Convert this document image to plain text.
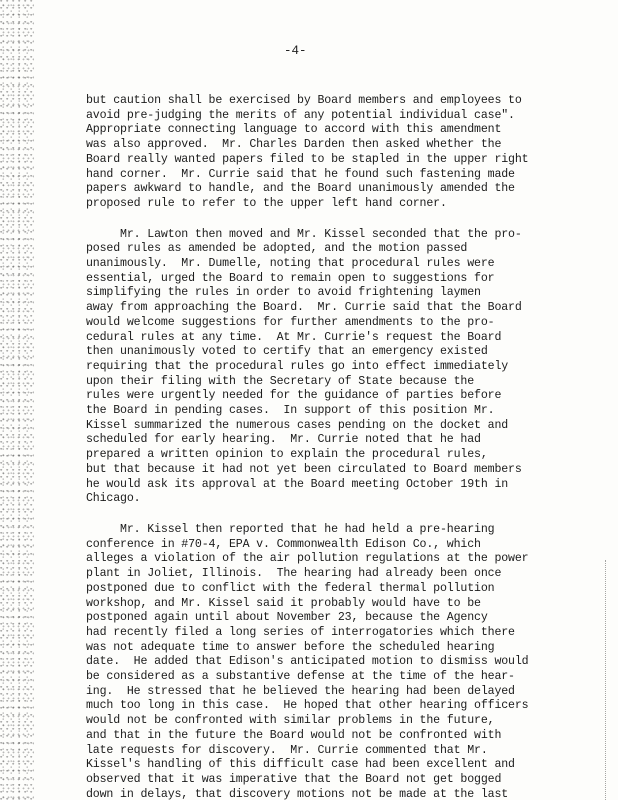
-4-
but caution shall be exercised by Board members and employees to
avoid pre-judging the merits of any potential individual case".
Appropriate connecting language to accord with this amendment
was also approved.  Mr. Charles Darden then asked whether the
Board really wanted papers filed to be stapled in the upper right
hand corner.  Mr. Currie said that he found such fastening made
papers awkward to handle, and the Board unanimously amended the
proposed rule to refer to the upper left hand corner.
Mr. Lawton then moved and Mr. Kissel seconded that the pro-
posed rules as amended be adopted, and the motion passed
unanimously.  Mr. Dumelle, noting that procedural rules were
essential, urged the Board to remain open to suggestions for
simplifying the rules in order to avoid frightening laymen
away from approaching the Board.  Mr. Currie said that the Board
would welcome suggestions for further amendments to the pro-
cedural rules at any time.  At Mr. Currie's request the Board
then unanimously voted to certify that an emergency existed
requiring that the procedural rules go into effect immediately
upon their filing with the Secretary of State because the
rules were urgently needed for the guidance of parties before
the Board in pending cases.  In support of this position Mr.
Kissel summarized the numerous cases pending on the docket and
scheduled for early hearing.  Mr. Currie noted that he had
prepared a written opinion to explain the procedural rules,
but that because it had not yet been circulated to Board members
he would ask its approval at the Board meeting October 19th in
Chicago.
Mr. Kissel then reported that he had held a pre-hearing
conference in #70-4, EPA v. Commonwealth Edison Co., which
alleges a violation of the air pollution regulations at the power
plant in Joliet, Illinois.  The hearing had already been once
postponed due to conflict with the federal thermal pollution
workshop, and Mr. Kissel said it probably would have to be
postponed again until about November 23, because the Agency
had recently filed a long series of interrogatories which there
was not adequate time to answer before the scheduled hearing
date.  He added that Edison's anticipated motion to dismiss would
be considered as a substantive defense at the time of the hear-
ing.  He stressed that he believed the hearing had been delayed
much too long in this case.  He hoped that other hearing officers
would not be confronted with similar problems in the future,
and that in the future the Board would not be confronted with
late requests for discovery.  Mr. Currie commented that Mr.
Kissel's handling of this difficult case had been excellent and
observed that it was imperative that the Board not get bogged
down in delays, that discovery motions not be made at the last
